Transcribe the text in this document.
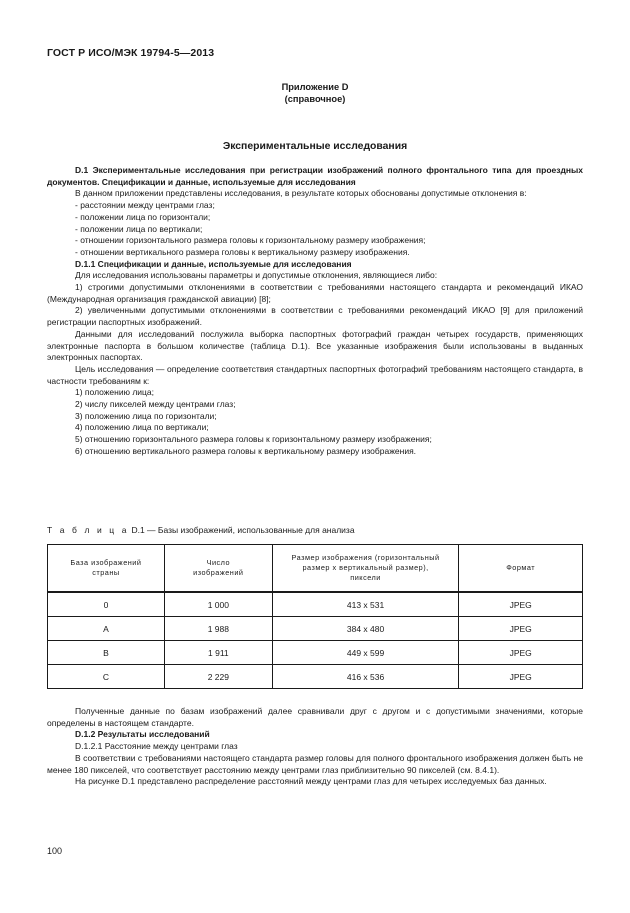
ГОСТ Р ИСО/МЭК 19794-5—2013
Приложение D
(справочное)
Экспериментальные исследования

D.1 Экспериментальные исследования при регистрации изображений полного фронтального типа для проездных документов. Спецификации и данные, используемые для исследования

В данном приложении представлены исследования, в результате которых обоснованы допустимые отклонения в:

- расстоянии между центрами глаз;

- положении лица по горизонтали;

- положении лица по вертикали;

- отношении горизонтального размера головы к горизонтальному размеру изображения;

- отношении вертикального размера головы к вертикальному размеру изображения.

D.1.1 Спецификации и данные, используемые для исследования

Для исследования использованы параметры и допустимые отклонения, являющиеся либо:

1) строгими допустимыми отклонениями в соответствии с требованиями настоящего стандарта и рекомендаций ИКАО (Международная организация гражданской авиации) [8];

2) увеличенными допустимыми отклонениями в соответствии с требованиями рекомендаций ИКАО [9] для приложений регистрации паспортных изображений.

Данными для исследований послужила выборка паспортных фотографий граждан четырех государств, применяющих электронные паспорта в большом количестве (таблица D.1). Все указанные изображения были использованы в выданных электронных паспортах.

Цель исследования — определение соответствия стандартных паспортных фотографий требованиям настоящего стандарта, в частности требованиям к:

1) положению лица;

2) числу пикселей между центрами глаз;

3) положению лица по горизонтали;

4) положению лица по вертикали;

5) отношению горизонтального размера головы к горизонтальному размеру изображения;

6) отношению вертикального размера головы к вертикальному размеру изображения.

Т а б л и ц а D.1 — Базы изображений, использованные для анализа
База изображений страны	Число изображений	Размер изображения (горизонтальный размер х вертикальный размер), пиксели	Формат
0	1 000	413 х 531	JPEG
A	1 988	384 х 480	JPEG
B	1 911	449 х 599	JPEG
C	2 229	416 х 536	JPEG

Полученные данные по базам изображений далее сравнивали друг с другом и с допустимыми значениями, которые определены в настоящем стандарте.

D.1.2 Результаты исследований

D.1.2.1 Расстояние между центрами глаз

В соответствии с требованиями настоящего стандарта размер головы для полного фронтального изображения должен быть не менее 180 пикселей, что соответствует расстоянию между центрами глаз приблизительно 90 пикселей (см. 8.4.1).

На рисунке D.1 представлено распределение расстояний между центрами глаз для четырех исследуемых баз данных.

100
